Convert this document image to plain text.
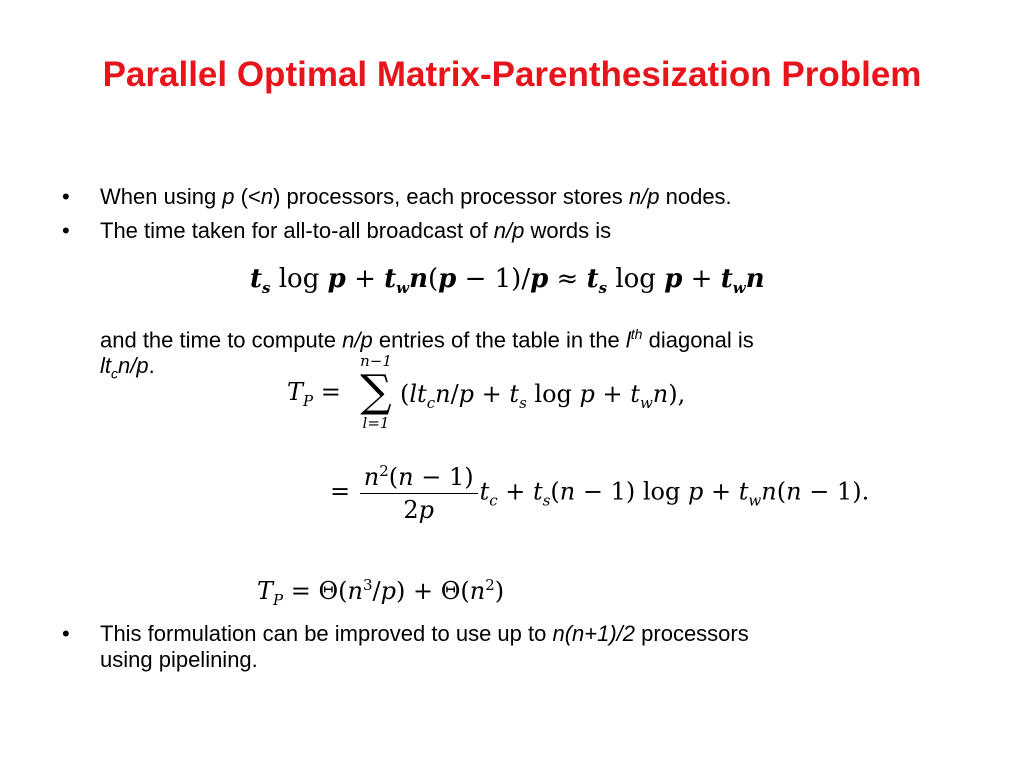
Parallel Optimal Matrix-Parenthesization Problem
• When using p (<n) processors, each processor stores n/p nodes.
• The time taken for all-to-all broadcast of n/p words is
$t_s$ $\log p + t_wn(p - 1)/p \approx t_s$ $\log p + t_wn$
and the time to compute n/p entries of the table in the $l^{th}$ diagonal is
$lt_cn/p$.
$T_P$ =
n−1
∑
l=1
($lt_cn/p + t_s$ $\log p + t_wn$),
= $\frac{n^2(n - 1)}{2p} t_c + t_s(n - 1)$ $\log p + t_wn(n - 1)$.
$T_P = \Theta(n^3/p) + \Theta(n^2)$
• This formulation can be improved to use up to n(n+1)/2 processors
using pipelining.
